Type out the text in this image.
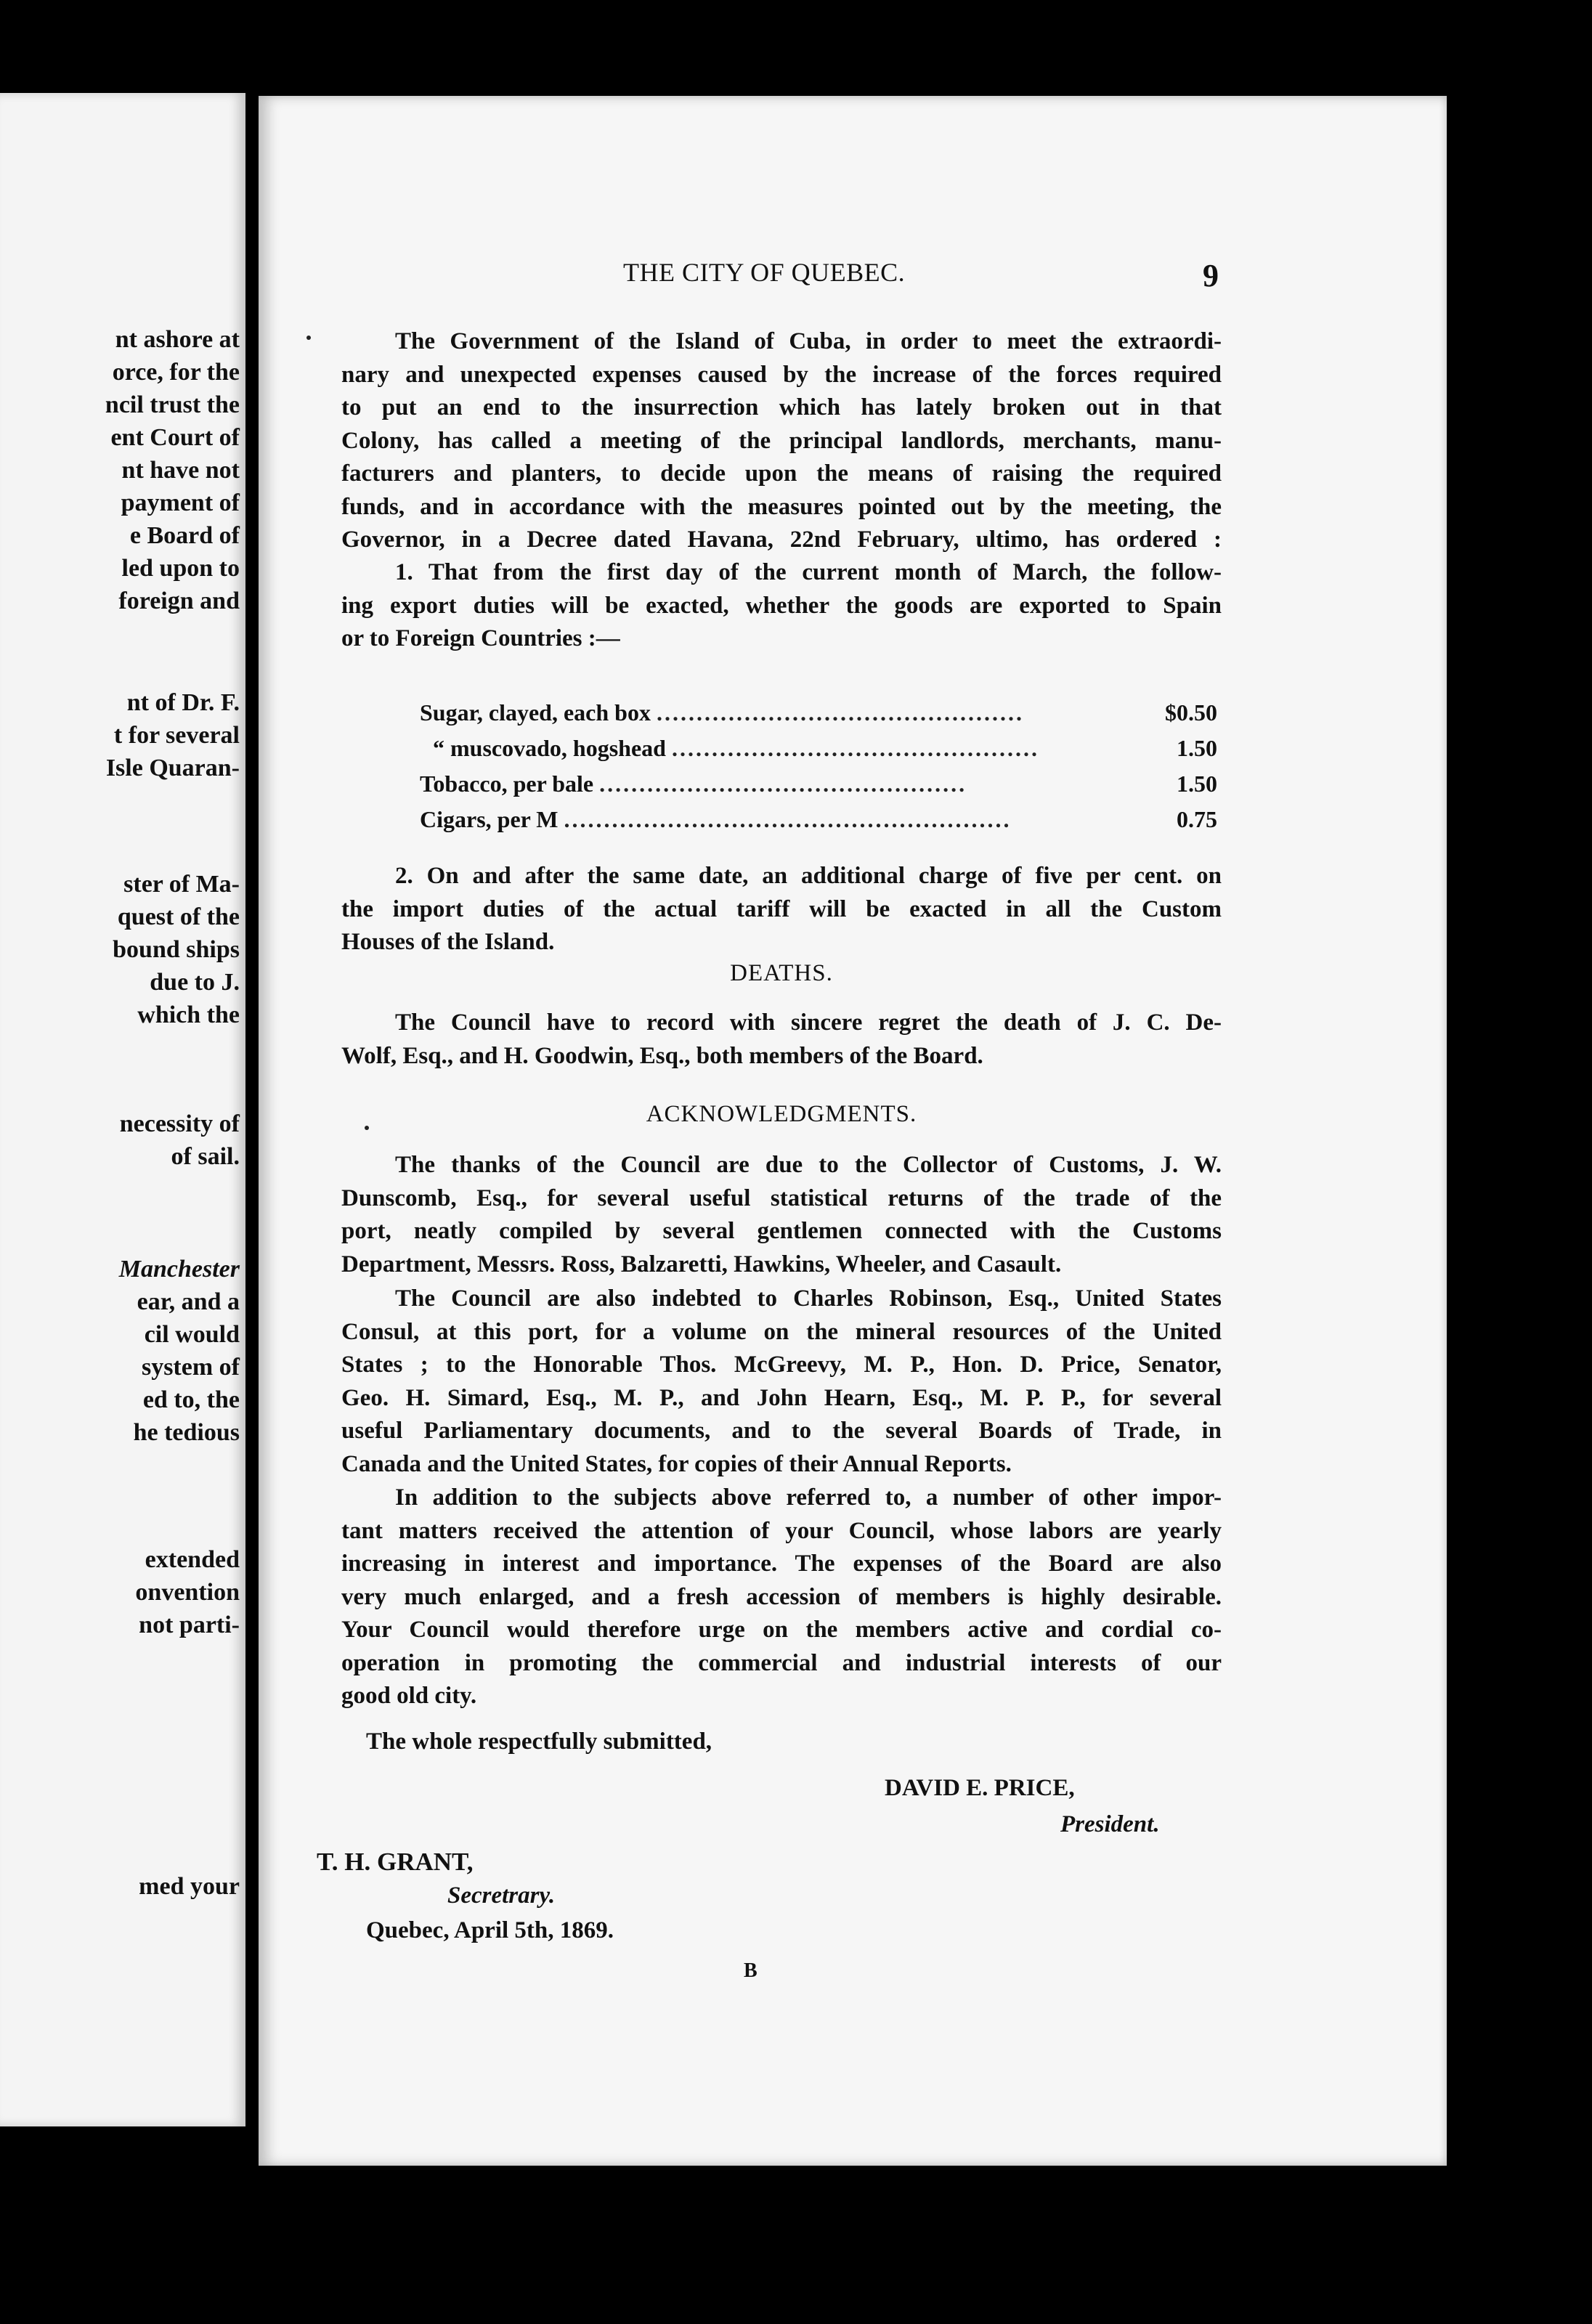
nt ashore at
orce, for the
ncil trust the
ent Court of
nt have not
payment of
e Board of
led upon to
foreign and
nt of Dr. F.
t for several
Isle Quaran-
ster of Ma-
quest of the
bound ships
due to J.
which the
necessity of
of sail.
Manchester
ear, and a
cil would
system of
ed to, the
he tedious
extended
onvention
not parti-
med your
THE CITY OF QUEBEC.	9
The Government of the Island of Cuba, in order to meet the extraordi-
nary and unexpected expenses caused by the increase of the forces required
to put an end to the insurrection which has lately broken out in that
Colony, has called a meeting of the principal landlords, merchants, manu-
facturers and planters, to decide upon the means of raising the required
funds, and in accordance with the measures pointed out by the meeting, the
Governor, in a Decree dated Havana, 22nd February, ultimo, has ordered :
1. That from the first day of the current month of March, the follow-
ing export duties will be exacted, whether the goods are exported to Spain
or to Foreign Countries :—
Sugar, clayed, each box ..............................................	$0.50
“ muscovado, hogshead ..............................................	1.50
Tobacco, per bale ..............................................	1.50
Cigars, per M ........................................................	0.75
2. On and after the same date, an additional charge of five per cent. on
the import duties of the actual tariff will be exacted in all the Custom
Houses of the Island.
DEATHS.
The Council have to record with sincere regret the death of J. C. De-
Wolf, Esq., and H. Goodwin, Esq., both members of the Board.
ACKNOWLEDGMENTS.
The thanks of the Council are due to the Collector of Customs, J. W.
Dunscomb, Esq., for several useful statistical returns of the trade of the
port, neatly compiled by several gentlemen connected with the Customs
Department, Messrs. Ross, Balzaretti, Hawkins, Wheeler, and Casault.
The Council are also indebted to Charles Robinson, Esq., United States
Consul, at this port, for a volume on the mineral resources of the United
States ; to the Honorable Thos. McGreevy, M. P., Hon. D. Price, Senator,
Geo. H. Simard, Esq., M. P., and John Hearn, Esq., M. P. P., for several
useful Parliamentary documents, and to the several Boards of Trade, in
Canada and the United States, for copies of their Annual Reports.
In addition to the subjects above referred to, a number of other impor-
tant matters received the attention of your Council, whose labors are yearly
increasing in interest and importance. The expenses of the Board are also
very much enlarged, and a fresh accession of members is highly desirable.
Your Council would therefore urge on the members active and cordial co-
operation in promoting the commercial and industrial interests of our
good old city.
The whole respectfully submitted,
DAVID E. PRICE,
President.
T. H. GRANT,
Secretrary.
Quebec, April 5th, 1869.
B
